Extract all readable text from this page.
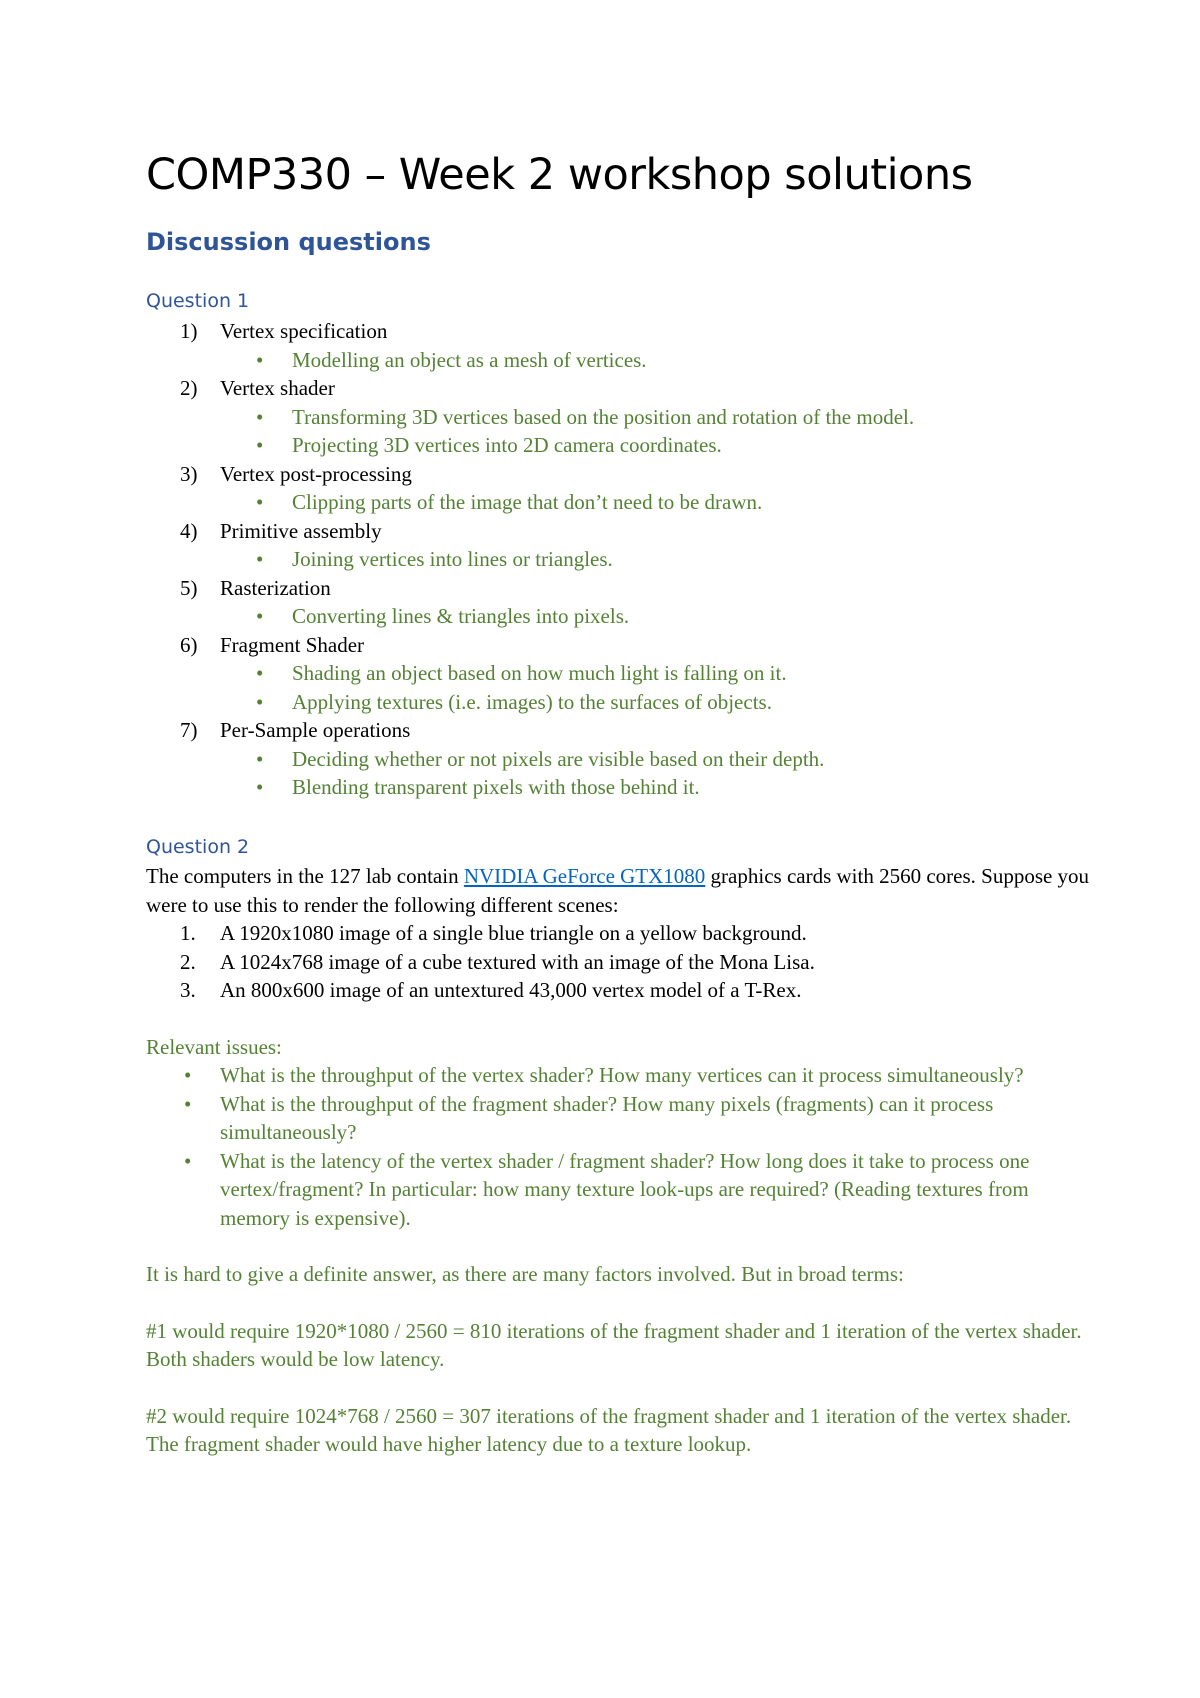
COMP330 – Week 2 workshop solutions
Discussion questions
Question 1
1) Vertex specification
• Modelling an object as a mesh of vertices.
2) Vertex shader
• Transforming 3D vertices based on the position and rotation of the model.
• Projecting 3D vertices into 2D camera coordinates.
3) Vertex post-processing
• Clipping parts of the image that don’t need to be drawn.
4) Primitive assembly
• Joining vertices into lines or triangles.
5) Rasterization
• Converting lines & triangles into pixels.
6) Fragment Shader
• Shading an object based on how much light is falling on it.
• Applying textures (i.e. images) to the surfaces of objects.
7) Per-Sample operations
• Deciding whether or not pixels are visible based on their depth.
• Blending transparent pixels with those behind it.
Question 2

The computers in the 127 lab contain NVIDIA GeForce GTX1080 graphics cards with 2560 cores. Suppose you were to use this to render the following different scenes:

1. A 1920x1080 image of a single blue triangle on a yellow background.
2. A 1024x768 image of a cube textured with an image of the Mona Lisa.
3. An 800x600 image of an untextured 43,000 vertex model of a T-Rex.

Relevant issues:

• What is the throughput of the vertex shader? How many vertices can it process simultaneously?
• What is the throughput of the fragment shader? How many pixels (fragments) can it process simultaneously?
• What is the latency of the vertex shader / fragment shader? How long does it take to process one vertex/fragment? In particular: how many texture look-ups are required? (Reading textures from memory is expensive).

It is hard to give a definite answer, as there are many factors involved. But in broad terms:

#1 would require 1920*1080 / 2560 = 810 iterations of the fragment shader and 1 iteration of the vertex shader. Both shaders would be low latency.

#2 would require 1024*768 / 2560 = 307 iterations of the fragment shader and 1 iteration of the vertex shader. The fragment shader would have higher latency due to a texture lookup.
